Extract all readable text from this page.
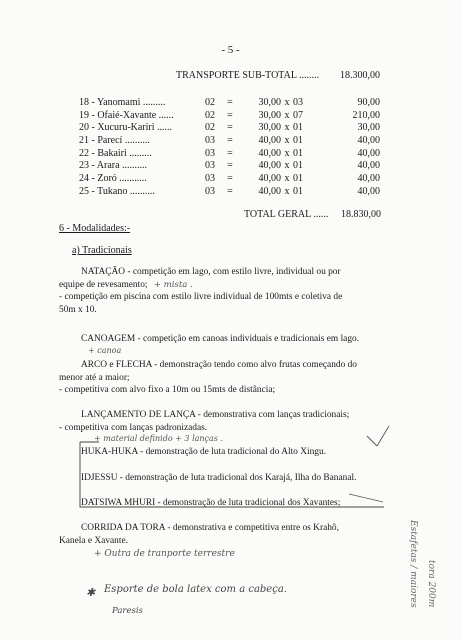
- 5 -
TRANSPORTE SUB-TOTAL ........ 18.300,00
18 - Yanomami .........	02	=	30,00	x	03	90,00
19 - Ofaié-Xavante ......	02	=	30,00	x	07	210,00
20 - Xucuru-Kariri ......	02	=	30,00	x	01	30,00
21 - Parecí ..........	03	=	40,00	x	01	40,00
22 - Bakairi .........	03	=	40,00	x	01	40,00
23 - Arara ..........	03	=	40,00	x	01	40,00
24 - Zoró ...........	03	=	40,00	x	01	40,00
25 - Tukano ..........	03	=	40,00	x	01	40,00
TOTAL GERAL ...... 18.830,00
6 - Modalidades:-
a) Tradicionais
NATAÇÃO - competição em lago, com estilo livre, individual ou por
equipe de revesamento; + mista .
- competição em piscina com estilo livre individual de 100mts e coletiva de
50m x 10.
CANOAGEM - competição em canoas individuais e tradicionais em lago.
+ canoa
ARCO e FLECHA - demonstração tendo como alvo frutas começando do
menor até a maior;
- competitiva com alvo fixo a 10m ou 15mts de distância;
LANÇAMENTO DE LANÇA - demonstrativa com lanças tradicionais;
- competitiva com lanças padronizadas.
+ material definido + 3 lanças .
HUKA-HUKA - demonstração de luta tradicional do Alto Xingu.
IDJESSU - demonstração de luta tradicional dos Karajá, Ilha do Bananal.
DATSIWA MHURI - demonstração de luta tradicional dos Xavantes;
CORRIDA DA TORA - demonstrativa e competitiva entre os Krahô,
Kanela e Xavante.
+ Outra de tranporte terrestre
✱ Esporte de bola latex com a cabeça.
Paresis
Estafetas / maiores tora 200m
